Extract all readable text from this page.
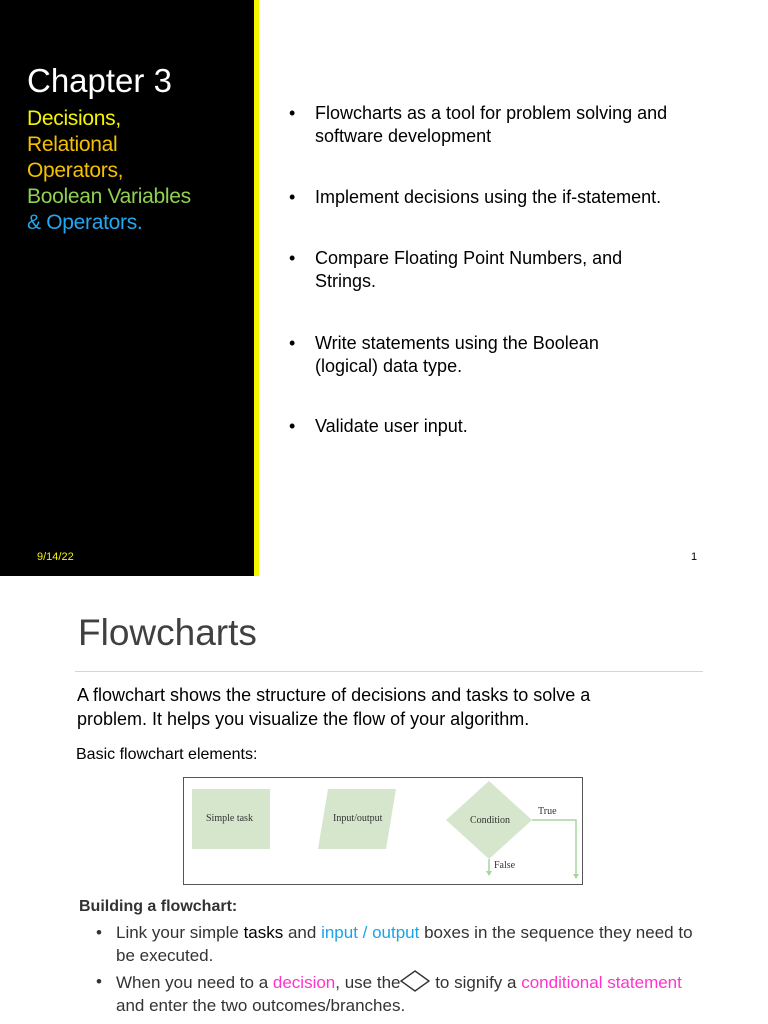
Chapter 3
Decisions,
Relational
Operators,
Boolean Variables
& Operators.
• Flowcharts as a tool for problem solving and software development
• Implement decisions using the if-statement.
• Compare Floating Point Numbers, and Strings.
• Write statements using the Boolean (logical) data type.
• Validate user input.
9/14/22	1
Flowcharts
A flowchart shows the structure of decisions and tasks to solve a problem. It helps you visualize the flow of your algorithm.
Basic flowchart elements:
Simple task	Input/output	Condition
True
False
Building a flowchart:
• Link your simple tasks and input / output boxes in the sequence they need to be executed.
• When you need to a decision, use the to signify a conditional statement and enter the two outcomes/branches.
